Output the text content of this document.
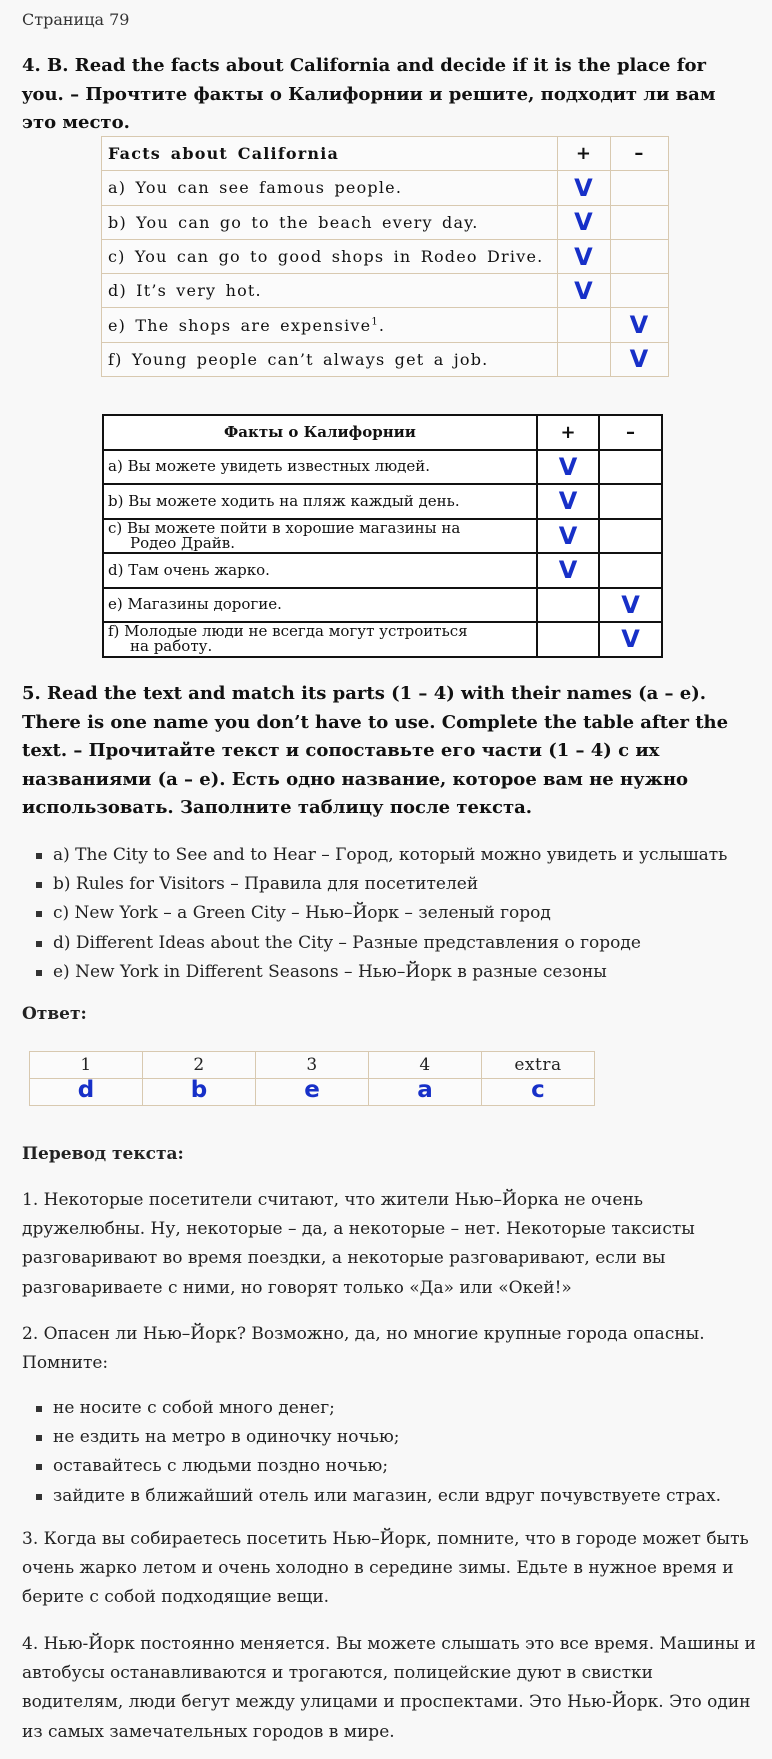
Страница 79
4. B. Read the facts about California and decide if it is the place for you. – Прочтите факты о Калифорнии и решите, подходит ли вам это место.
Facts about California	+	–
a) You can see famous people.	V	
b) You can go to the beach every day.	V	
c) You can go to good shops in Rodeo Drive.	V	
d) It’s very hot.	V	
e) The shops are expensive$^1$.		V
f) Young people can’t always get a job.		V
Факты о Калифорнии	+	–
a) Вы можете увидеть известных людей.	V	
b) Вы можете ходить на пляж каждый день.	V	

c) Вы можете пойти в хорошие магазины на
Родео Драйв.	V	
d) Там очень жарко.	V	
e) Магазины дорогие.		V

f) Молодые люди не всегда могут устроиться
на работу.		V
5. Read the text and match its parts (1 – 4) with their names (a – e). There is one name you don’t have to use. Complete the table after the text. – Прочитайте текст и сопоставьте его части (1 – 4) с их названиями (a – e). Есть одно название, которое вам не нужно использовать. Заполните таблицу после текста.
a) The City to See and to Hear – Город, который можно увидеть и услышать
b) Rules for Visitors – Правила для посетителей
c) New York – a Green City – Нью–Йорк – зеленый город
d) Different Ideas about the City – Разные представления о городе
e) New York in Different Seasons – Нью–Йорк в разные сезоны
Ответ:
1	2	3	4	extra
d	b	e	a	c
Перевод текста:

1. Некоторые посетители считают, что жители Нью–Йорка не очень дружелюбны. Ну, некоторые – да, а некоторые – нет. Некоторые таксисты разговаривают во время поездки, а некоторые разговаривают, если вы разговариваете с ними, но говорят только «Да» или «Окей!»

2. Опасен ли Нью–Йорк? Возможно, да, но многие крупные города опасны. Помните:

не носите с собой много денег;
не ездить на метро в одиночку ночью;
оставайтесь с людьми поздно ночью;
зайдите в ближайший отель или магазин, если вдруг почувствуете страх.

3. Когда вы собираетесь посетить Нью–Йорк, помните, что в городе может быть очень жарко летом и очень холодно в середине зимы. Едьте в нужное время и берите с собой подходящие вещи.

4. Нью-Йорк постоянно меняется. Вы можете слышать это все время. Машины и автобусы останавливаются и трогаются, полицейские дуют в свистки водителям, люди бегут между улицами и проспектами. Это Нью-Йорк. Это один из самых замечательных городов в мире.
